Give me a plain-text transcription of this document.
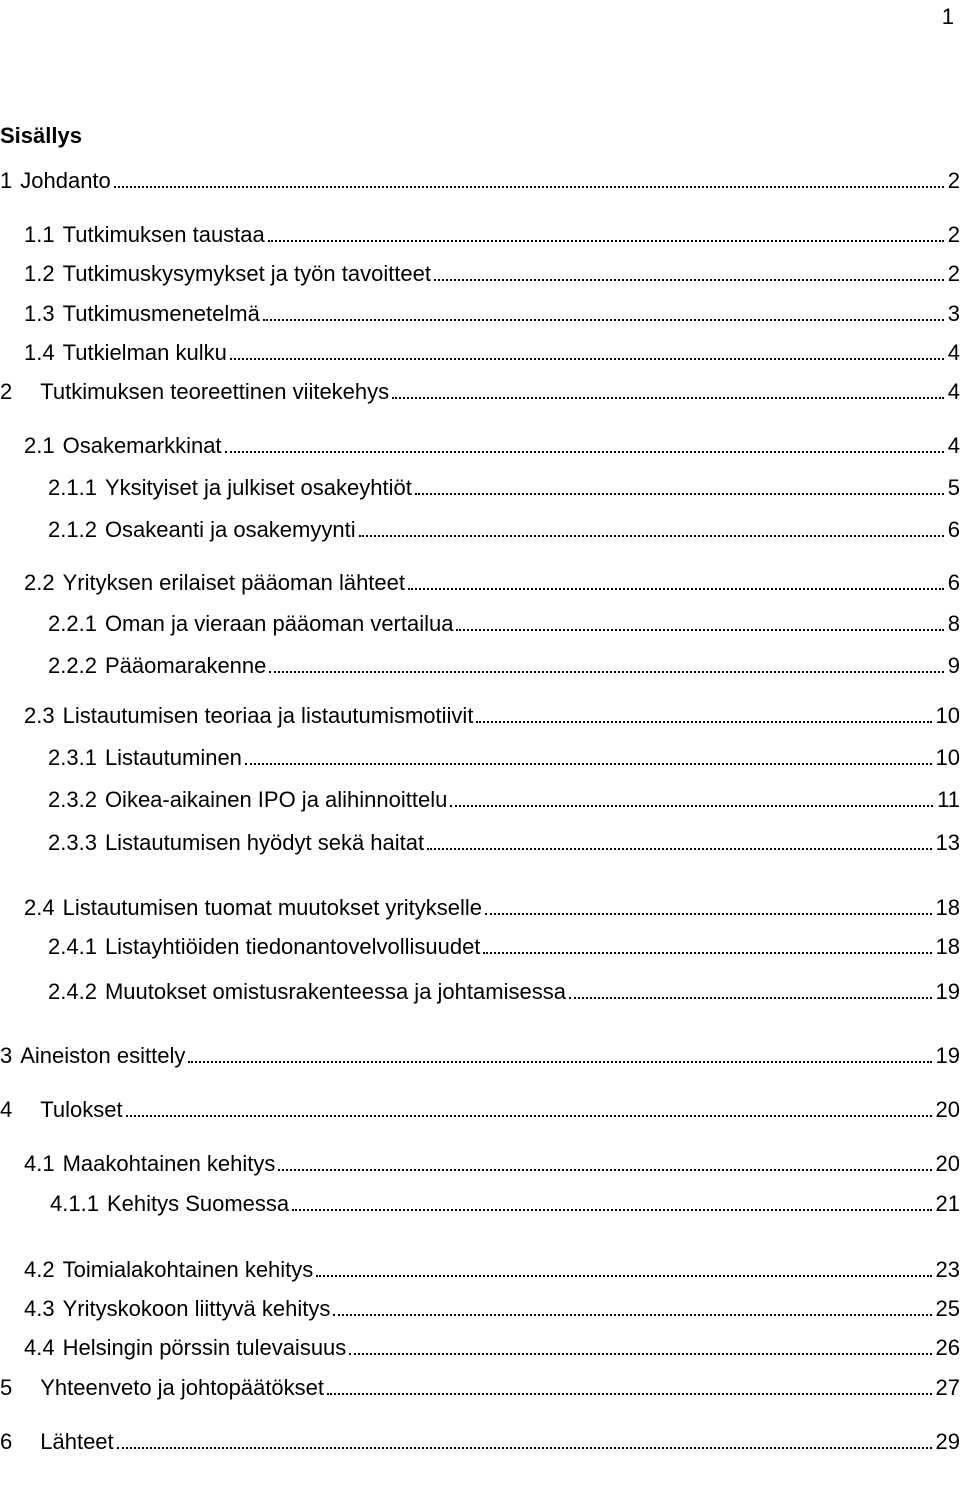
1
Sisällys
1 Johdanto	2
1.1 Tutkimuksen taustaa	2
1.2 Tutkimuskysymykset ja työn tavoitteet	2
1.3 Tutkimusmenetelmä	3
1.4 Tutkielman kulku	4
2 Tutkimuksen teoreettinen viitekehys	4
2.1 Osakemarkkinat	4
2.1.1 Yksityiset ja julkiset osakeyhtiöt	5
2.1.2 Osakeanti ja osakemyynti	6
2.2 Yrityksen erilaiset pääoman lähteet	6
2.2.1 Oman ja vieraan pääoman vertailua	8
2.2.2 Pääomarakenne	9
2.3 Listautumisen teoriaa ja listautumismotiivit	10
2.3.1 Listautuminen	10
2.3.2 Oikea-aikainen IPO ja alihinnoittelu	11
2.3.3 Listautumisen hyödyt sekä haitat	13
2.4 Listautumisen tuomat muutokset yritykselle	18
2.4.1 Listayhtiöiden tiedonantovelvollisuudet	18
2.4.2 Muutokset omistusrakenteessa ja johtamisessa	19
3 Aineiston esittely	19
4 Tulokset	20
4.1 Maakohtainen kehitys	20
4.1.1 Kehitys Suomessa	21
4.2 Toimialakohtainen kehitys	23
4.3 Yrityskokoon liittyvä kehitys	25
4.4 Helsingin pörssin tulevaisuus	26
5 Yhteenveto ja johtopäätökset	27
6 Lähteet	29
